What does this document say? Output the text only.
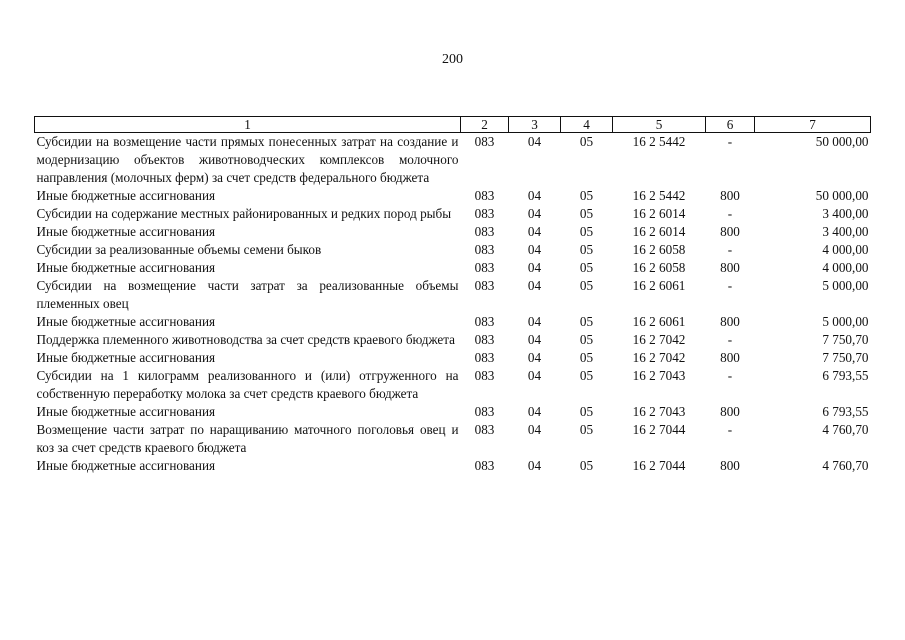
200
1	2	3	4	5	6	7
Субсидии на возмещение части прямых понесенных затрат на создание и модернизацию объектов животноводческих комплексов молочного направления (молочных ферм) за счет средств федерального бюджета	083	04	05	16 2 5442	-	50 000,00
Иные бюджетные ассигнования	083	04	05	16 2 5442	800	50 000,00
Субсидии на содержание местных районированных и редких пород рыбы	083	04	05	16 2 6014	-	3 400,00
Иные бюджетные ассигнования	083	04	05	16 2 6014	800	3 400,00
Субсидии за реализованные объемы семени быков	083	04	05	16 2 6058	-	4 000,00
Иные бюджетные ассигнования	083	04	05	16 2 6058	800	4 000,00
Субсидии на возмещение части затрат за реализованные объемы племенных овец	083	04	05	16 2 6061	-	5 000,00
Иные бюджетные ассигнования	083	04	05	16 2 6061	800	5 000,00
Поддержка племенного животноводства за счет средств краевого бюджета	083	04	05	16 2 7042	-	7 750,70
Иные бюджетные ассигнования	083	04	05	16 2 7042	800	7 750,70
Субсидии на 1 килограмм реализованного и (или) отгруженного на собственную переработку молока за счет средств краевого бюджета	083	04	05	16 2 7043	-	6 793,55
Иные бюджетные ассигнования	083	04	05	16 2 7043	800	6 793,55
Возмещение части затрат по наращиванию маточного поголовья овец и коз за счет средств краевого бюджета	083	04	05	16 2 7044	-	4 760,70
Иные бюджетные ассигнования	083	04	05	16 2 7044	800	4 760,70
